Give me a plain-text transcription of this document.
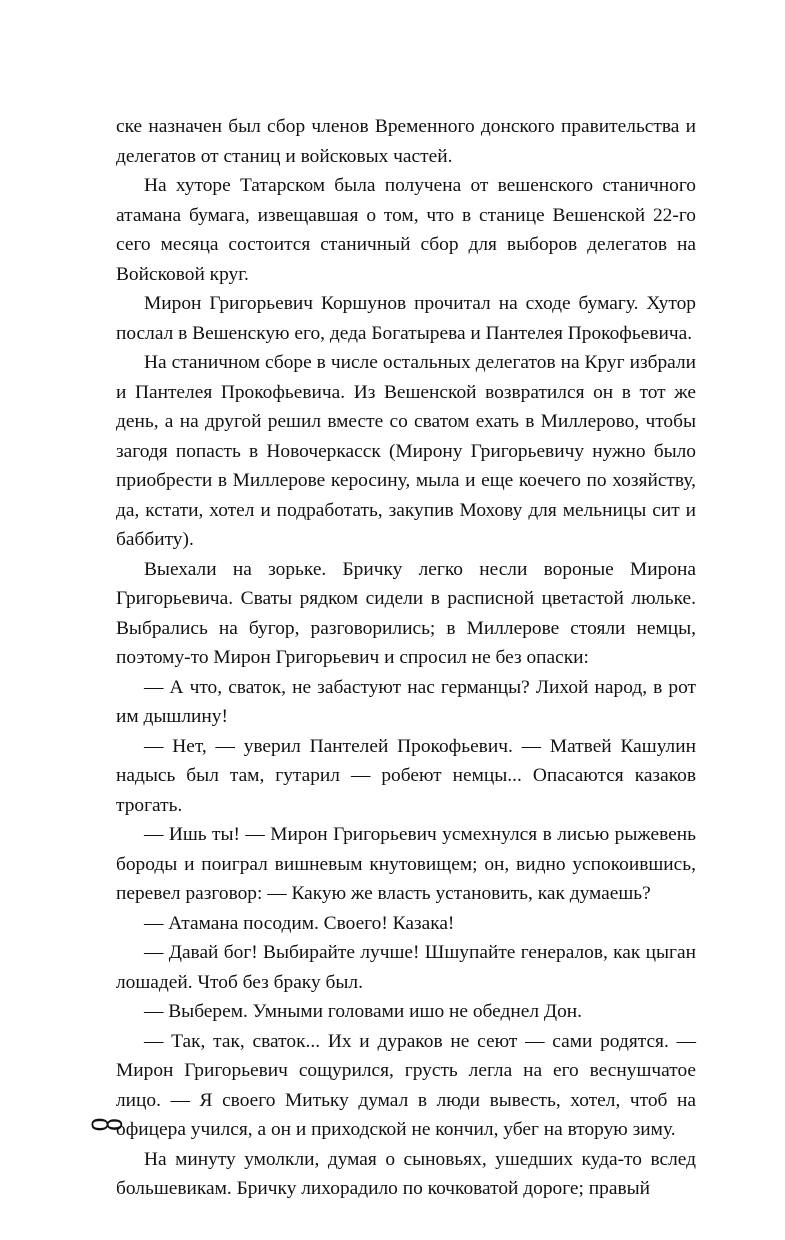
ске назначен был сбор членов Временного донского правительства и делегатов от станиц и войсковых частей.

На хуторе Татарском была получена от вешенского станичного атамана бумага, извещавшая о том, что в станице Вешенской 22-го сего месяца состоится станичный сбор для выборов делегатов на Войсковой круг.

Мирон Григорьевич Коршунов прочитал на сходе бумагу. Хутор послал в Вешенскую его, деда Богатырева и Пантелея Прокофьевича.

На станичном сборе в числе остальных делегатов на Круг избрали и Пантелея Прокофьевича. Из Вешенской возвратился он в тот же день, а на другой решил вместе со сватом ехать в Миллерово, чтобы загодя попасть в Новочеркасск (Мирону Григорьевичу нужно было приобрести в Миллерове керосину, мыла и еще коечего по хозяйству, да, кстати, хотел и подработать, закупив Мохову для мельницы сит и баббиту).

Выехали на зорьке. Бричку легко несли вороные Мирона Григорьевича. Сваты рядком сидели в расписной цветастой люльке. Выбрались на бугор, разговорились; в Миллерове стояли немцы, поэтому-то Мирон Григорьевич и спросил не без опаски:

— А что, сваток, не забастуют нас германцы? Лихой народ, в рот им дышлину!

— Нет, — уверил Пантелей Прокофьевич. — Матвей Кашулин надысь был там, гутарил — робеют немцы... Опасаются казаков трогать.

— Ишь ты! — Мирон Григорьевич усмехнулся в лисью рыжевень бороды и поиграл вишневым кнутовищем; он, видно успокоившись, перевел разговор: — Какую же власть установить, как думаешь?

— Атамана посодим. Своего! Казака!

— Давай бог! Выбирайте лучше! Шшупайте генералов, как цыган лошадей. Чтоб без браку был.

— Выберем. Умными головами ишо не обеднел Дон.

— Так, так, сваток... Их и дураков не сеют — сами родятся. — Мирон Григорьевич сощурился, грусть легла на его веснушчатое лицо. — Я своего Митьку думал в люди вывесть, хотел, чтоб на офицера учился, а он и приходской не кончил, убег на вторую зиму.

На минуту умолкли, думая о сыновьях, ушедших куда-то вслед большевикам. Бричку лихорадило по кочковатой дороге; правый

8
